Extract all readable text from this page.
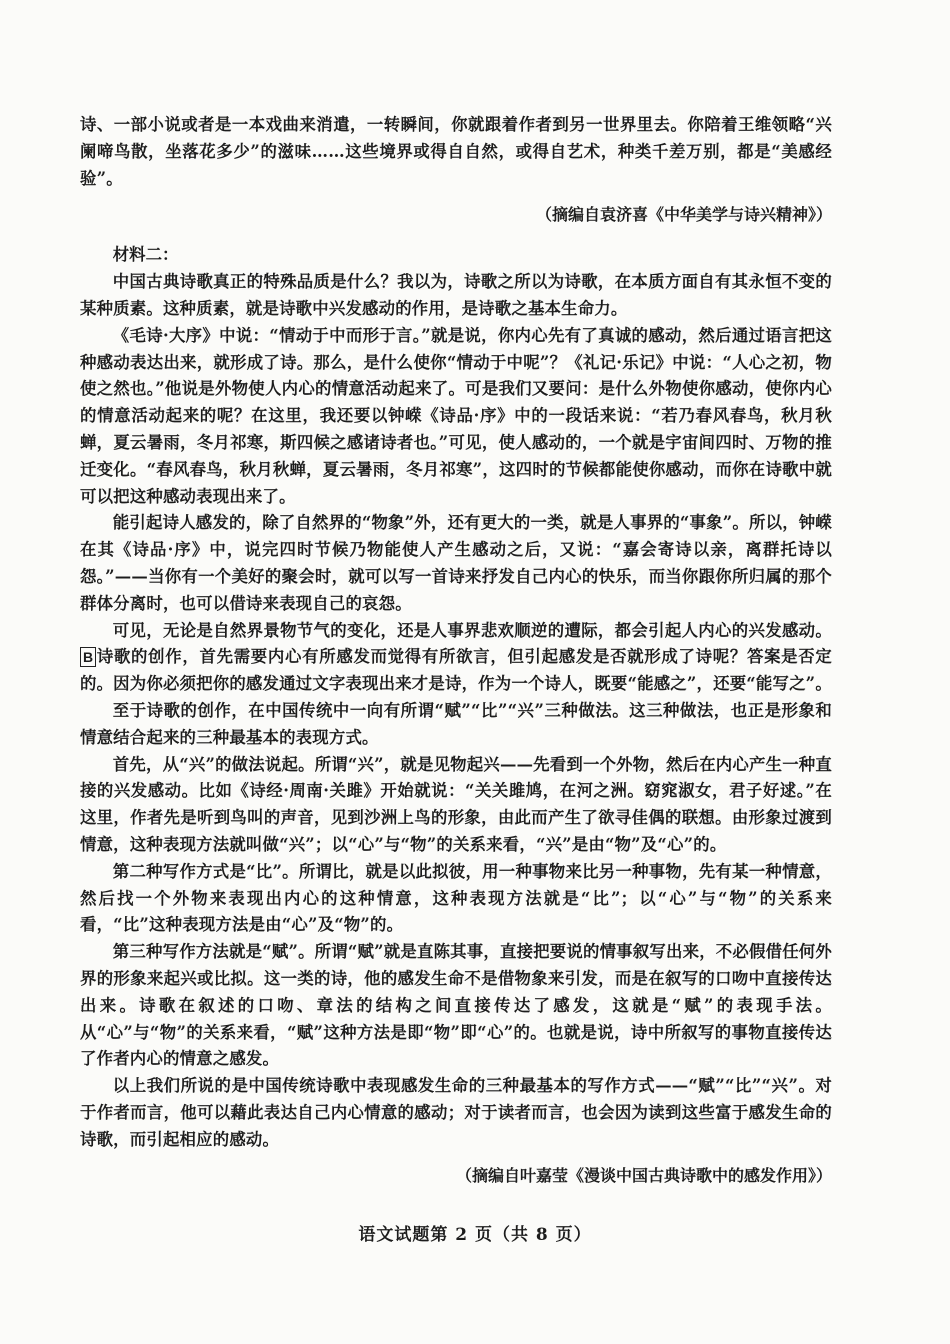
诗、一部小说或者是一本戏曲来消遣，一转瞬间，你就跟着作者到另一世界里去。你陪着王维领略“兴阑啼鸟散，坐落花多少”的滋味……这些境界或得自自然，或得自艺术，种类千差万别，都是“美感经验”。

（摘编自袁济喜《中华美学与诗兴精神》）

材料二：

中国古典诗歌真正的特殊品质是什么？我以为，诗歌之所以为诗歌，在本质方面自有其永恒不变的某种质素。这种质素，就是诗歌中兴发感动的作用，是诗歌之基本生命力。

《毛诗·大序》中说：“情动于中而形于言。”就是说，你内心先有了真诚的感动，然后通过语言把这种感动表达出来，就形成了诗。那么，是什么使你“情动于中呢”？《礼记·乐记》中说：“人心之初，物使之然也。”他说是外物使人内心的情意活动起来了。可是我们又要问：是什么外物使你感动，使你内心的情意活动起来的呢？在这里，我还要以钟嵘《诗品·序》中的一段话来说：“若乃春风春鸟，秋月秋蝉，夏云暑雨，冬月祁寒，斯四候之感诸诗者也。”可见，使人感动的，一个就是宇宙间四时、万物的推迁变化。“春风春鸟，秋月秋蝉，夏云暑雨，冬月祁寒”，这四时的节候都能使你感动，而你在诗歌中就可以把这种感动表现出来了。

能引起诗人感发的，除了自然界的“物象”外，还有更大的一类，就是人事界的“事象”。所以，钟嵘在其《诗品·序》中，说完四时节候乃物能使人产生感动之后，又说：“嘉会寄诗以亲，离群托诗以怨。”——当你有一个美好的聚会时，就可以写一首诗来抒发自己内心的快乐，而当你跟你所归属的那个群体分离时，也可以借诗来表现自己的哀怨。

可见，无论是自然界景物节气的变化，还是人事界悲欢顺逆的遭际，都会引起人内心的兴发感动。B 诗歌的创作，首先需要内心有所感发而觉得有所欲言，但引起感发是否就形成了诗呢？答案是否定的。因为你必须把你的感发通过文字表现出来才是诗，作为一个诗人，既要“能感之”，还要“能写之”。

至于诗歌的创作，在中国传统中一向有所谓“赋”“比”“兴”三种做法。这三种做法，也正是形象和情意结合起来的三种最基本的表现方式。

首先，从“兴”的做法说起。所谓“兴”，就是见物起兴——先看到一个外物，然后在内心产生一种直接的兴发感动。比如《诗经·周南·关雎》开始就说：“关关雎鸠，在河之洲。窈窕淑女，君子好逑。”在这里，作者先是听到鸟叫的声音，见到沙洲上鸟的形象，由此而产生了欲寻佳偶的联想。由形象过渡到情意，这种表现方法就叫做“兴”；以“心”与“物”的关系来看，“兴”是由“物”及“心”的。

第二种写作方式是“比”。所谓比，就是以此拟彼，用一种事物来比另一种事物，先有某一种情意，然后找一个外物来表现出内心的这种情意，这种表现方法就是“比”；以“心”与“物”的关系来看，“比”这种表现方法是由“心”及“物”的。

第三种写作方法就是“赋”。所谓“赋”就是直陈其事，直接把要说的情事叙写出来，不必假借任何外界的形象来起兴或比拟。这一类的诗，他的感发生命不是借物象来引发，而是在叙写的口吻中直接传达出来。诗歌在叙述的口吻、章法的结构之间直接传达了感发，这就是“赋”的表现手法。从“心”与“物”的关系来看，“赋”这种方法是即“物”即“心”的。也就是说，诗中所叙写的事物直接传达了作者内心的情意之感发。

以上我们所说的是中国传统诗歌中表现感发生命的三种最基本的写作方式——“赋”“比”“兴”。对于作者而言，他可以藉此表达自己内心情意的感动；对于读者而言，也会因为读到这些富于感发生命的诗歌，而引起相应的感动。

（摘编自叶嘉莹《漫谈中国古典诗歌中的感发作用》）

语文试题第 2 页（共 8 页）
